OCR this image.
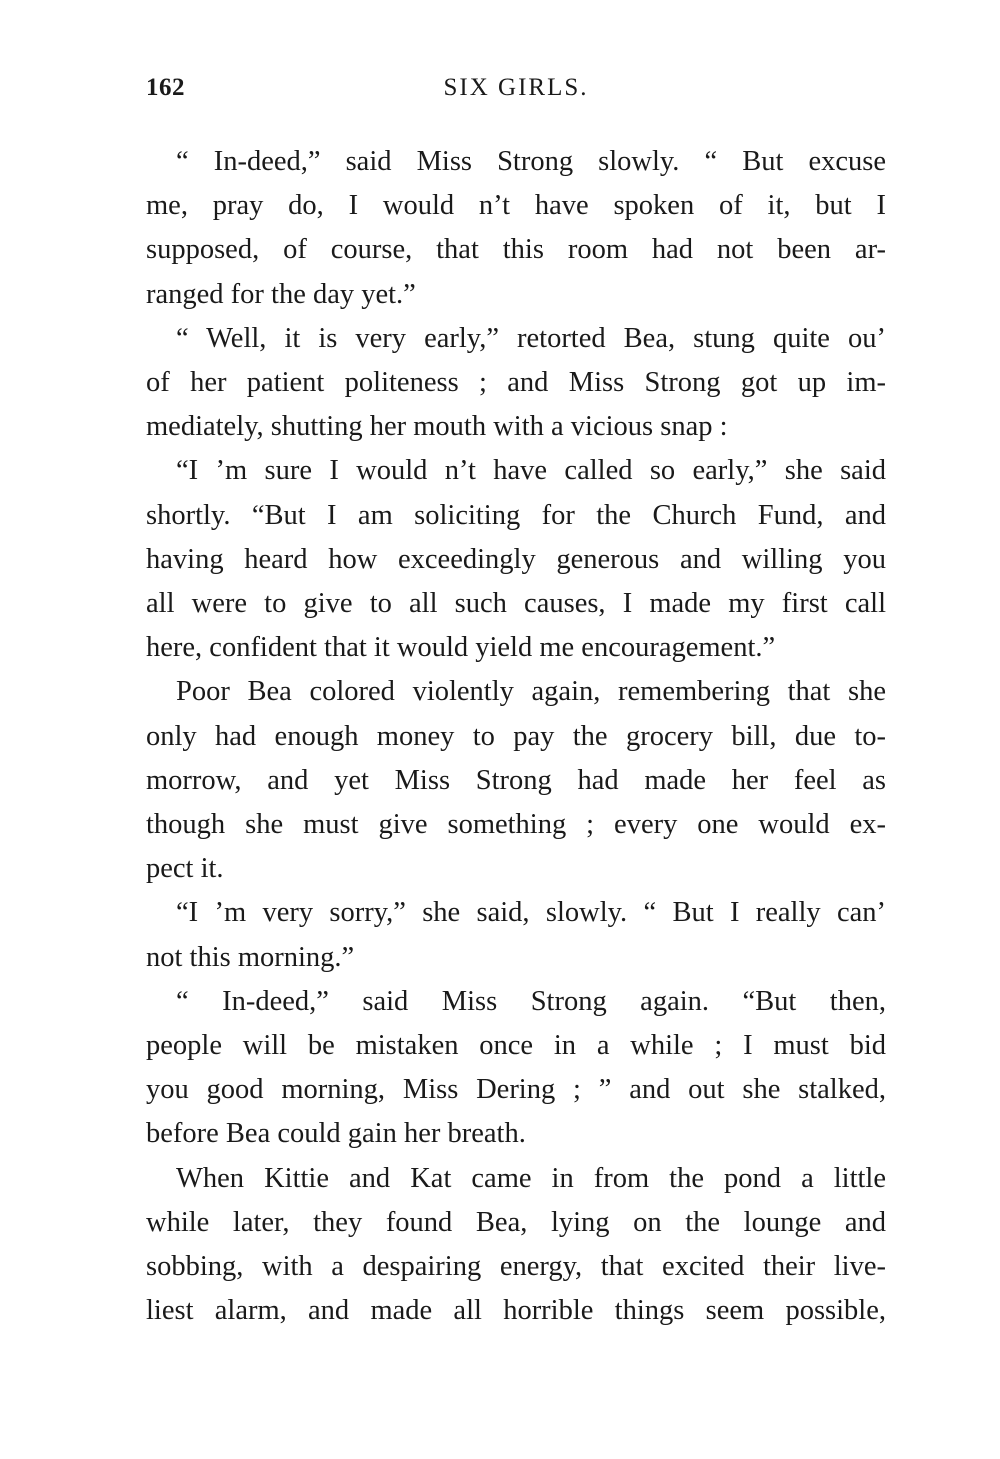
162	SIX GIRLS.

“ In-deed,” said Miss Strong slowly. “ But excuse
me, pray do, I would n’t have spoken of it, but I
supposed, of course, that this room had not been ar-
ranged for the day yet.”

“ Well, it is very early,” retorted Bea, stung quite ou’
of her patient politeness ; and Miss Strong got up im-
mediately, shutting her mouth with a vicious snap :

“I ’m sure I would n’t have called so early,” she said
shortly. “But I am soliciting for the Church Fund, and
having heard how exceedingly generous and willing you
all were to give to all such causes, I made my first call
here, confident that it would yield me encouragement.”

Poor Bea colored violently again, remembering that she
only had enough money to pay the grocery bill, due to-
morrow, and yet Miss Strong had made her feel as
though she must give something ; every one would ex-
pect it.

“I ’m very sorry,” she said, slowly. “ But I really can’
not this morning.”

“ In-deed,” said Miss Strong again. “But then,
people will be mistaken once in a while ; I must bid
you good morning, Miss Dering ; ” and out she stalked,
before Bea could gain her breath.

When Kittie and Kat came in from the pond a little
while later, they found Bea, lying on the lounge and
sobbing, with a despairing energy, that excited their live-
liest alarm, and made all horrible things seem possible,
